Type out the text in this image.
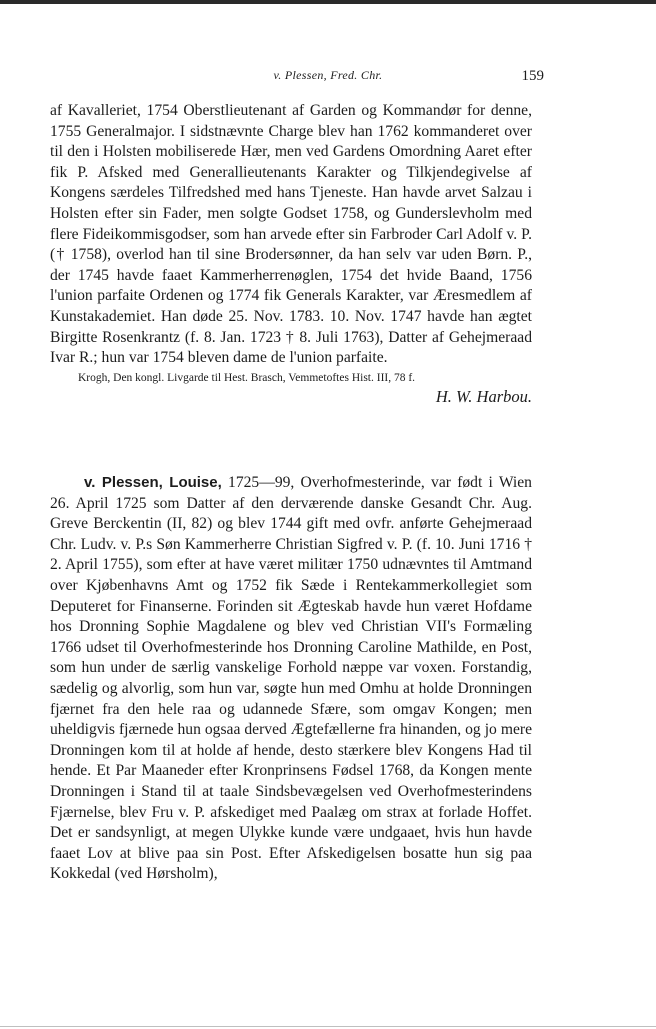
v. Plessen, Fred. Chr.	159

af Kavalleriet, 1754 Oberstlieutenant af Garden og Kommandør for denne, 1755 Generalmajor. I sidstnævnte Charge blev han 1762 kommanderet over til den i Holsten mobiliserede Hær, men ved Gardens Omordning Aaret efter fik P. Afsked med Generallieutenants Karakter og Tilkjendegivelse af Kongens særdeles Tilfredshed med hans Tjeneste. Han havde arvet Salzau i Holsten efter sin Fader, men solgte Godset 1758, og Gunderslevholm med flere Fideikommisgodser, som han arvede efter sin Farbroder Carl Adolf v. P. († 1758), overlod han til sine Brodersønner, da han selv var uden Børn. P., der 1745 havde faaet Kammerherrenøglen, 1754 det hvide Baand, 1756 l'union parfaite Ordenen og 1774 fik Generals Karakter, var Æresmedlem af Kunstakademiet. Han døde 25. Nov. 1783. 10. Nov. 1747 havde han ægtet Birgitte Rosenkrantz (f. 8. Jan. 1723 † 8. Juli 1763), Datter af Gehejmeraad Ivar R.; hun var 1754 bleven dame de l'union parfaite.

Krogh, Den kongl. Livgarde til Hest. Brasch, Vemmetoftes Hist. III, 78 f.

H. W. Harbou.

v. Plessen, Louise, 1725—99, Overhofmesterinde, var født i Wien 26. April 1725 som Datter af den derværende danske Gesandt Chr. Aug. Greve Berckentin (II, 82) og blev 1744 gift med ovfr. anførte Gehejmeraad Chr. Ludv. v. P.s Søn Kammerherre Christian Sigfred v. P. (f. 10. Juni 1716 † 2. April 1755), som efter at have været militær 1750 udnævntes til Amtmand over Kjøbenhavns Amt og 1752 fik Sæde i Rentekammerkollegiet som Deputeret for Finanserne. Forinden sit Ægteskab havde hun været Hofdame hos Dronning Sophie Magdalene og blev ved Christian VII's Formæling 1766 udset til Overhofmesterinde hos Dronning Caroline Mathilde, en Post, som hun under de særlig vanskelige Forhold næppe var voxen. Forstandig, sædelig og alvorlig, som hun var, søgte hun med Omhu at holde Dronningen fjærnet fra den hele raa og udannede Sfære, som omgav Kongen; men uheldigvis fjærnede hun ogsaa derved Ægtefællerne fra hinanden, og jo mere Dronningen kom til at holde af hende, desto stærkere blev Kongens Had til hende. Et Par Maaneder efter Kronprinsens Fødsel 1768, da Kongen mente Dronningen i Stand til at taale Sindsbevægelsen ved Overhofmesterindens Fjærnelse, blev Fru v. P. afskediget med Paalæg om strax at forlade Hoffet. Det er sandsynligt, at megen Ulykke kunde være undgaaet, hvis hun havde faaet Lov at blive paa sin Post. Efter Afskedigelsen bosatte hun sig paa Kokkedal (ved Hørsholm),
